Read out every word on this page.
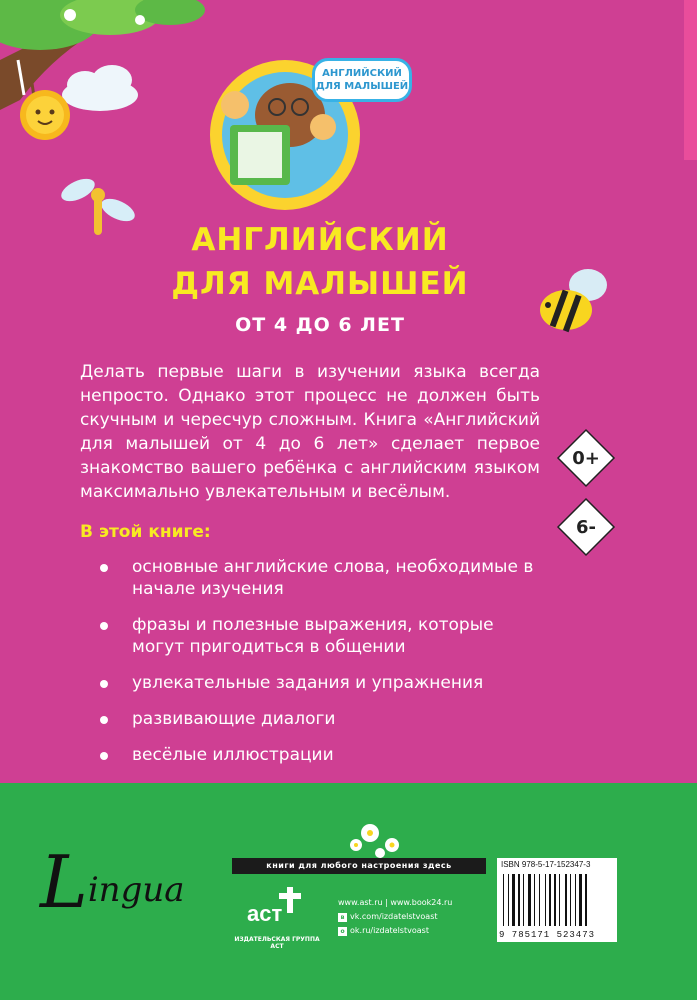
АНГЛИЙСКИЙ
ДЛЯ МАЛЫШЕЙ
АНГЛИЙСКИЙ
ДЛЯ МАЛЫШЕЙ
ОТ 4 ДО 6 ЛЕТ
Делать первые шаги в изучении языка всегда непросто. Однако этот процесс не должен быть скучным и чересчур сложным. Книга «Английский для малышей от 4 до 6 лет» сделает первое знакомство вашего ребёнка с английским языком максимально увлекательным и весёлым.
В этой книге:
основные английские слова, необходимые в начале изучения
фразы и полезные выражения, которые могут пригодиться в общении
увлекательные задания и упражнения
развивающие диалоги
весёлые иллюстрации
0+
6-
Lingua
книги для любого настроения здесь
аст
ИЗДАТЕЛЬСКАЯ ГРУППА АСТ
www.ast.ru | www.book24.ru
в vk.com/izdatelstvoast
o ok.ru/izdatelstvoast
ISBN 978-5-17-152347-3
9 785171 523473
